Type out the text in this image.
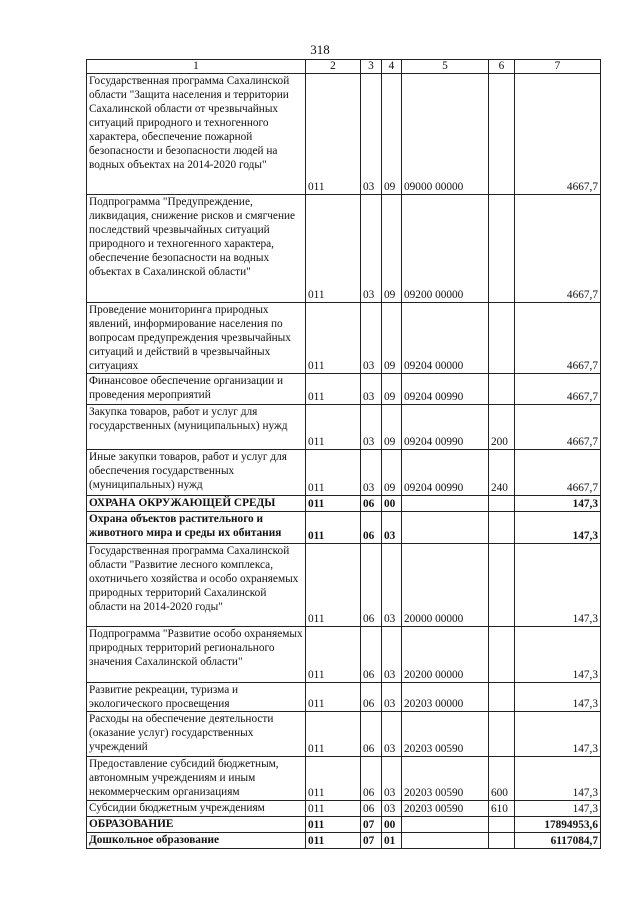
318
1	2	3	4	5	6	7
Государственная программа Сахалинской области "Защита населения и территории Сахалинской области от чрезвычайных ситуаций природного и техногенного характера, обеспечение пожарной безопасности и безопасности людей на водных объектах на 2014-2020 годы"	011	03	09	09000 00000		4667,7
Подпрограмма "Предупреждение, ликвидация, снижение рисков и смягчение последствий чрезвычайных ситуаций природного и техногенного характера, обеспечение безопасности на водных объектах в Сахалинской области"	011	03	09	09200 00000		4667,7
Проведение мониторинга природных явлений, информирование населения по вопросам предупреждения чрезвычайных ситуаций и действий в чрезвычайных ситуациях	011	03	09	09204 00000		4667,7
Финансовое обеспечение организации и проведения мероприятий	011	03	09	09204 00990		4667,7
Закупка товаров, работ и услуг для государственных (муниципальных) нужд	011	03	09	09204 00990	200	4667,7
Иные закупки товаров, работ и услуг для обеспечения государственных (муниципальных) нужд	011	03	09	09204 00990	240	4667,7
ОХРАНА ОКРУЖАЮЩЕЙ СРЕДЫ	011	06	00			147,3
Охрана объектов растительного и животного мира и среды их обитания	011	06	03			147,3
Государственная программа Сахалинской области "Развитие лесного комплекса, охотничьего хозяйства и особо охраняемых природных территорий Сахалинской области на 2014-2020 годы"	011	06	03	20000 00000		147,3
Подпрограмма "Развитие особо охраняемых природных территорий регионального значения Сахалинской области"	011	06	03	20200 00000		147,3
Развитие рекреации, туризма и экологического просвещения	011	06	03	20203 00000		147,3
Расходы на обеспечение деятельности (оказание услуг) государственных учреждений	011	06	03	20203 00590		147,3
Предоставление субсидий бюджетным, автономным учреждениям и иным некоммерческим организациям	011	06	03	20203 00590	600	147,3
Субсидии бюджетным учреждениям	011	06	03	20203 00590	610	147,3
ОБРАЗОВАНИЕ	011	07	00			17894953,6
Дошкольное образование	011	07	01			6117084,7
